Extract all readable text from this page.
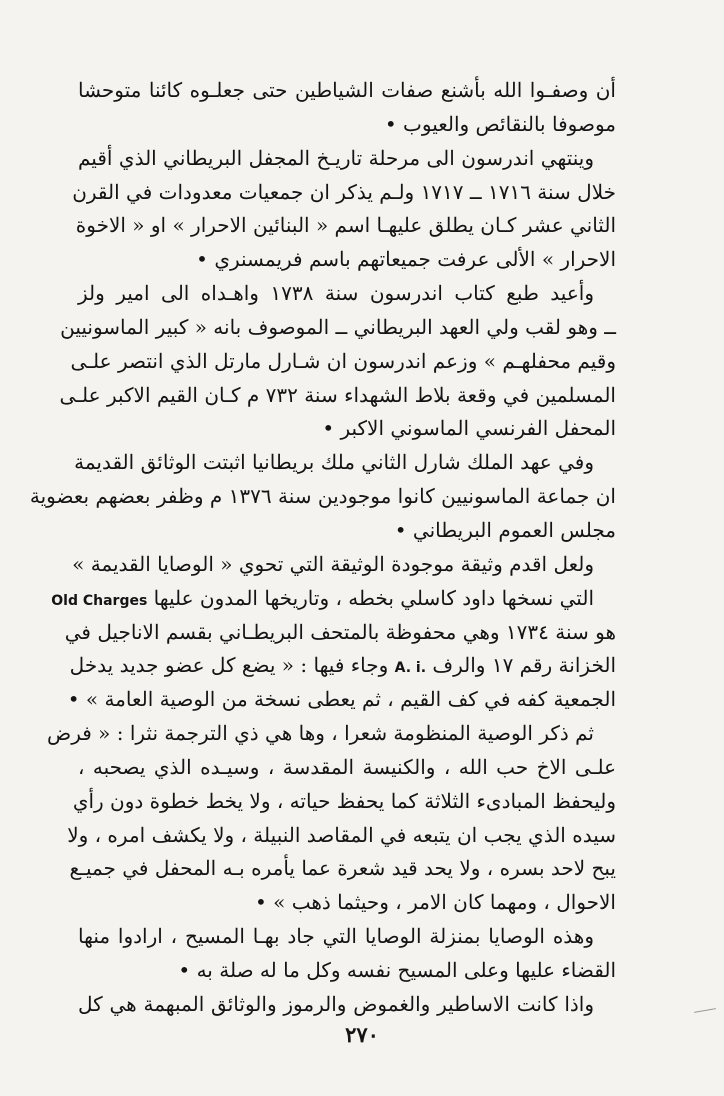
أن وصفـوا الله بأشنع صفات الشياطين حتى جعلـوه كائنا متوحشا
موصوفا بالنقائص والعيوب •
وينتهي اندرسون الى مرحلة تاريـخ المجفل البريطاني الذي أقيم
خلال سنة ١٧١٦ ــ ١٧١٧ ولـم يذكر ان جمعيات معدودات في القرن
الثاني عشر كـان يطلق عليهـا اسم « البنائين الاحرار » او « الاخوة
الاحرار » الألى عرفت جميعاتهم باسم فريمسنري •
وأعيد طبع كتاب اندرسون سنة ١٧٣٨ واهـداه الى امير ولز
ــ وهو لقب ولي العهد البريطاني ــ الموصوف بانه « كبير الماسونيين
وقيم محفلهـم » وزعم اندرسون ان شـارل مارتل الذي انتصر علـى
المسلمين في وقعة بلاط الشهداء سنة ٧٣٢ م كـان القيم الاكبر علـى
المحفل الفرنسي الماسوني الاكبر •
وفي عهد الملك شارل الثاني ملك بريطانيا اثبتت الوثائق القديمة
ان جماعة الماسونيين كانوا موجودين سنة ١٣٧٦ م وظفر بعضهم بعضوية
مجلس العموم البريطاني •
ولعل اقدم وثيقة موجودة الوثيقة التي تحوي « الوصايا القديمة »
التي نسخها داود كاسلي بخطه ، وتاريخها المدون عليها Old Charges
هو سنة ١٧٣٤ وهي محفوظة بالمتحف البريطـاني بقسم الاناجيل في
الخزانة رقم ١٧ والرف A. i. وجاء فيها : « يضع كل عضو جديد يدخل
الجمعية كفه في كف القيم ، ثم يعطى نسخة من الوصية العامة » •
ثم ذكر الوصية المنظومة شعرا ، وها هي ذي الترجمة نثرا : « فرض
علـى الاخ حب الله ، والكنيسة المقدسة ، وسيـده الذي يصحبه ،
وليحفظ المبادىء الثلاثة كما يحفظ حياته ، ولا يخط خطوة دون رأي
سيده الذي يجب ان يتبعه في المقاصد النبيلة ، ولا يكشف امره ، ولا
يبح لاحد بسره ، ولا يحد قيد شعرة عما يأمره بـه المحفل في جميـع
الاحوال ، ومهما كان الامر ، وحيثما ذهب » •
وهذه الوصايا بمنزلة الوصايا التي جاد بهـا المسيح ، ارادوا منها
القضاء عليها وعلى المسيح نفسه وكل ما له صلة به •
واذا كانت الاساطير والغموض والرموز والوثائق المبهمة هي كل
٢٧٠
